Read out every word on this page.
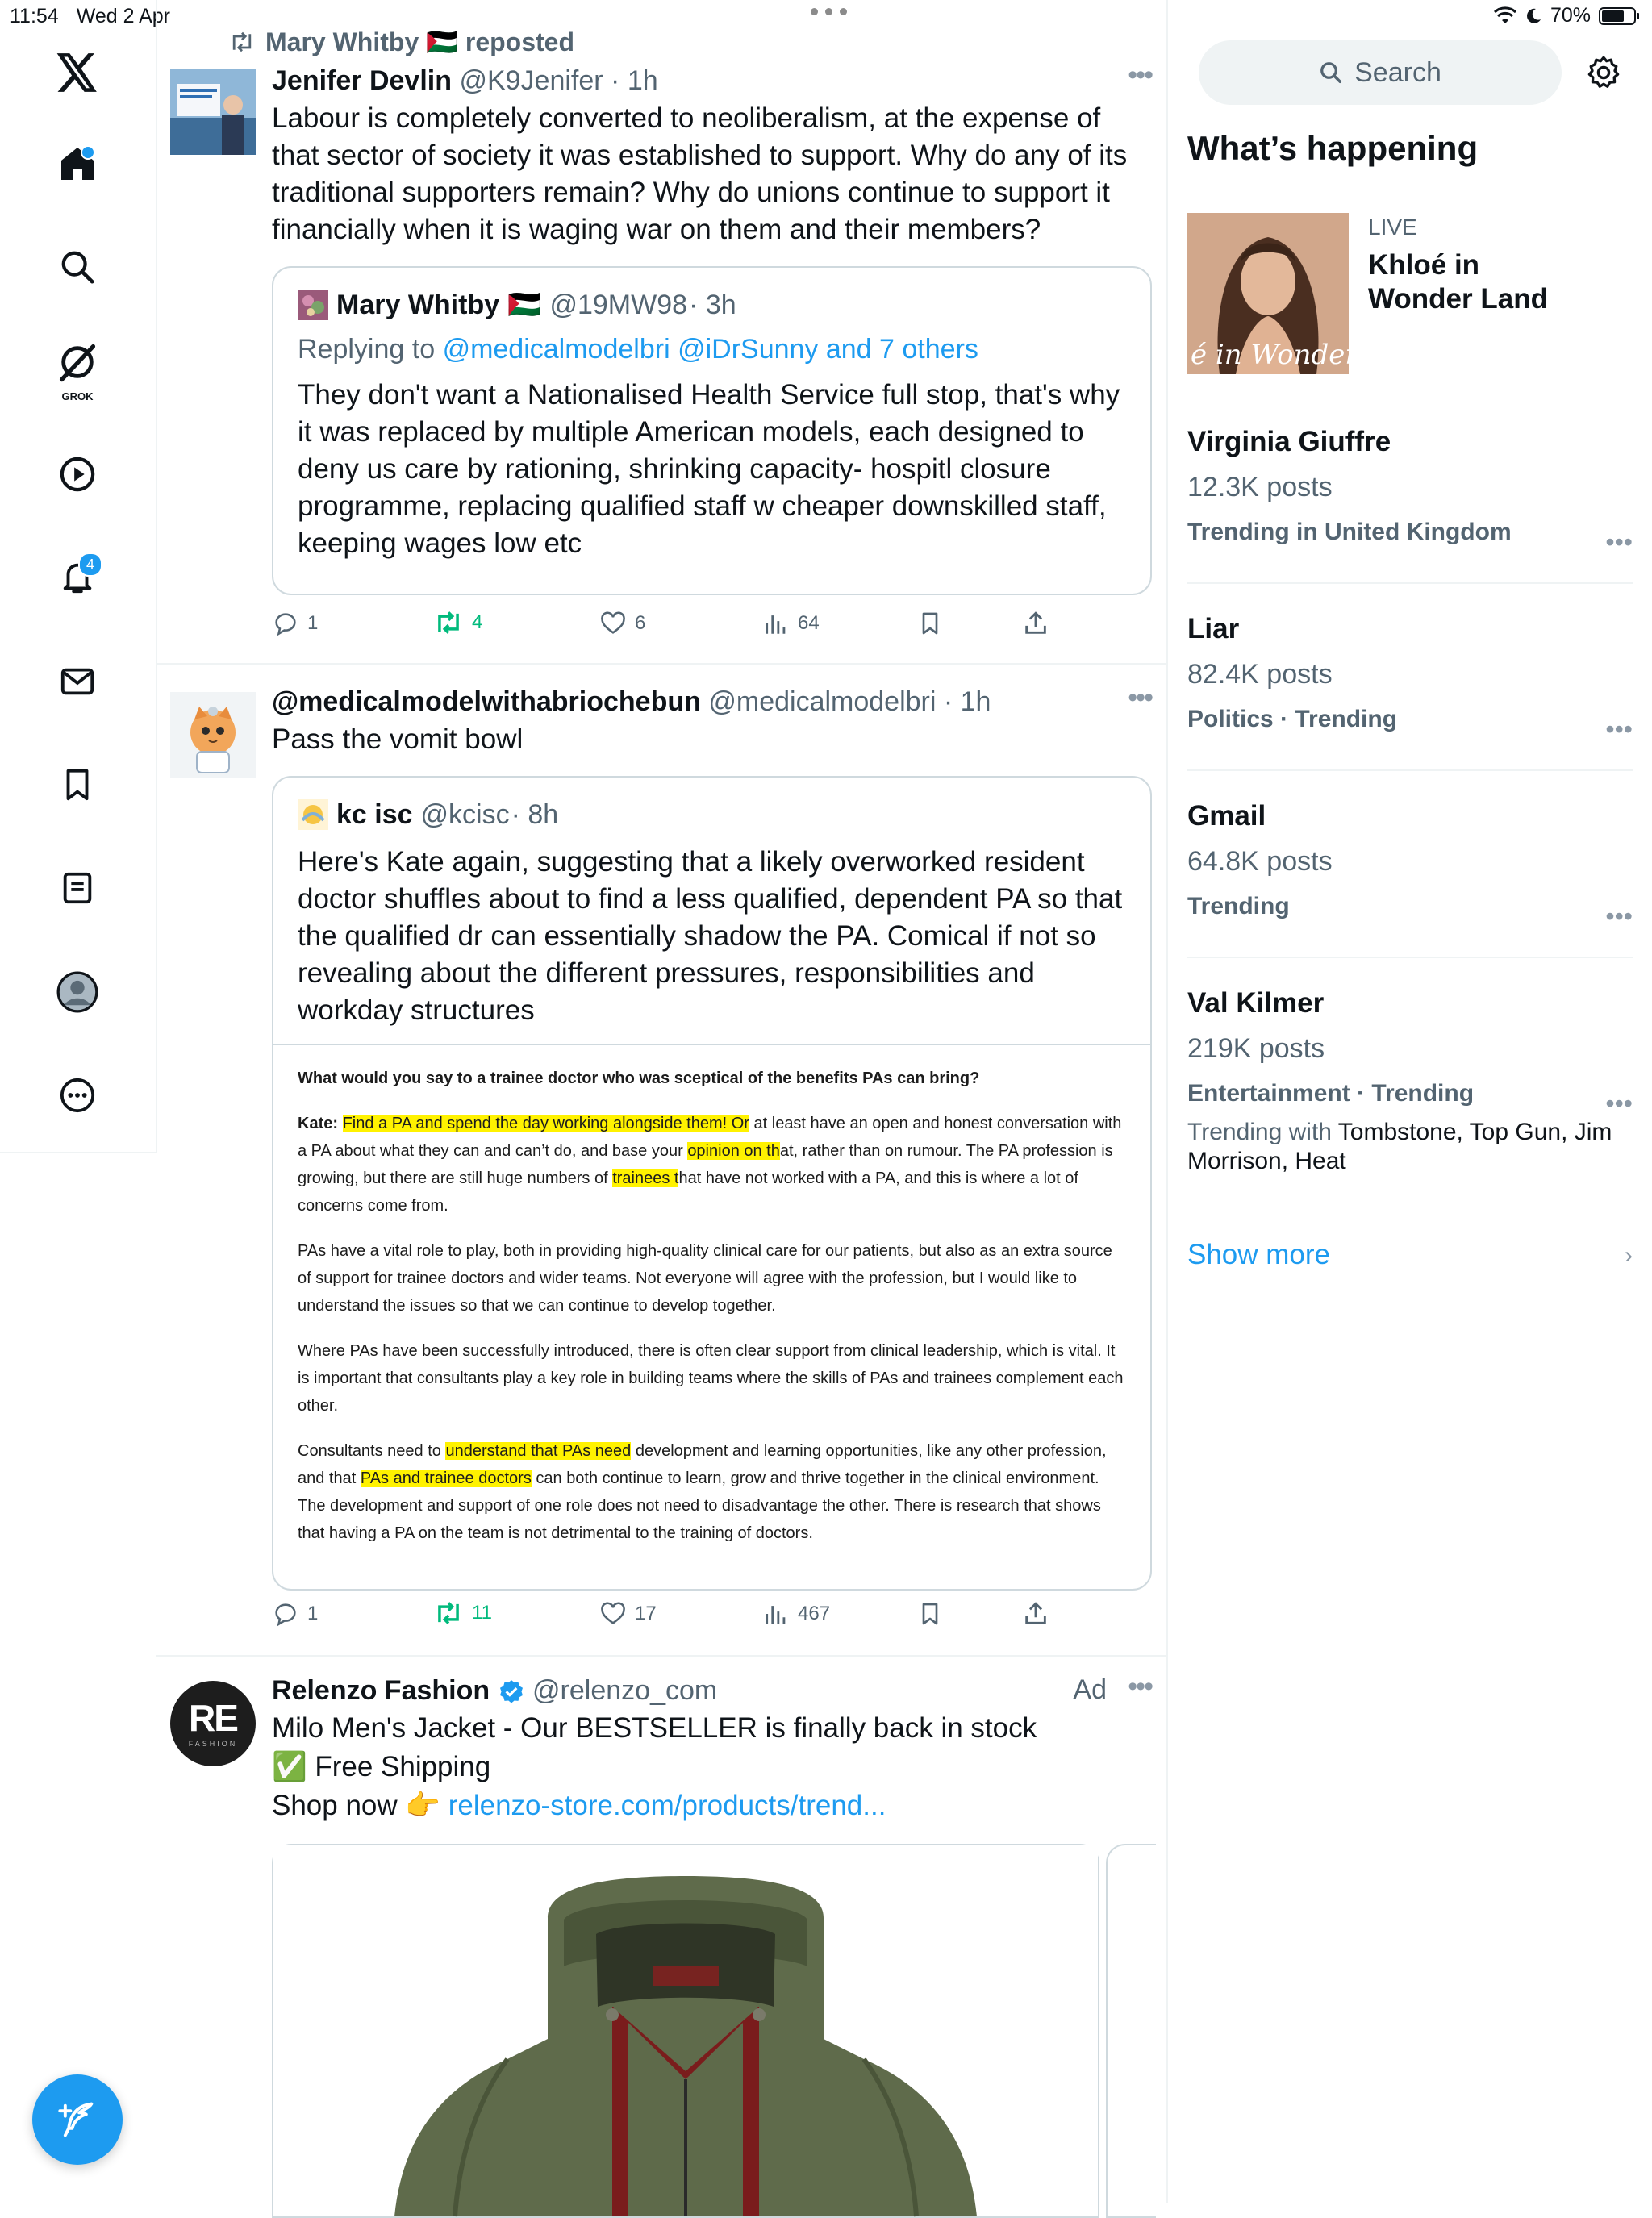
11:54 Wed 2 Apr	70%
GROK
4
Mary Whitby 🇵🇸 reposted
Jenifer Devlin @K9Jenifer · 1h
Labour is completely converted to neoliberalism, at the expense of that sector of society it was established to support. Why do any of its traditional supporters remain? Why do unions continue to support it financially when it is waging war on them and their members?
Mary Whitby 🇵🇸 @19MW98 · 3h
Replying to @medicalmodelbri @iDrSunny and 7 others
They don't want a Nationalised Health Service full stop, that's why it was replaced by multiple American models, each designed to deny us care by rationing, shrinking capacity- hospitl closure programme, replacing qualified staff w cheaper downskilled staff, keeping wages low etc
•••
1	4	6	64
@medicalmodelwithabriochebun @medicalmodelbri · 1h
Pass the vomit bowl
kc isc @kcisc · 8h
Here's Kate again, suggesting that a likely overworked resident doctor shuffles about to find a less qualified, dependent PA so that the qualified dr can essentially shadow the PA. Comical if not so revealing about the different pressures, responsibilities and workday structures

What would you say to a trainee doctor who was sceptical of the benefits PAs can bring?

Kate: Find a PA and spend the day working alongside them! Or at least have an open and honest conversation with a PA about what they can and can’t do, and base your opinion on that, rather than on rumour. The PA profession is growing, but there are still huge numbers of trainees that have not worked with a PA, and this is where a lot of concerns come from.

PAs have a vital role to play, both in providing high-quality clinical care for our patients, but also as an extra source of support for trainee doctors and wider teams. Not everyone will agree with the profession, but I would like to understand the issues so that we can continue to develop together.

Where PAs have been successfully introduced, there is often clear support from clinical leadership, which is vital. It is important that consultants play a key role in building teams where the skills of PAs and trainees complement each other.

Consultants need to understand that PAs need development and learning opportunities, like any other profession, and that PAs and trainee doctors can both continue to learn, grow and thrive together in the clinical environment. The development and support of one role does not need to disadvantage the other. There is research that shows that having a PA on the team is not detrimental to the training of doctors.

•••
1	11	17	467
RE
FASHION
Relenzo Fashion @relenzo_com
Milo Men's Jacket - Our BESTSELLER is finally back in stock
✅ Free Shipping
Shop now 👉 relenzo-store.com/products/trend...
Ad •••
Search
What’s happening
é in Wonder l
LIVE
Khloé in Wonder Land
Virginia Giuffre
12.3K posts
Trending in United Kingdom	•••
Liar
82.4K posts
Politics · Trending	•••
Gmail
64.8K posts
Trending	•••
Val Kilmer
219K posts
Entertainment · Trending
Trending with Tombstone, Top Gun, Jim Morrison, Heat
•••
Show more	›
